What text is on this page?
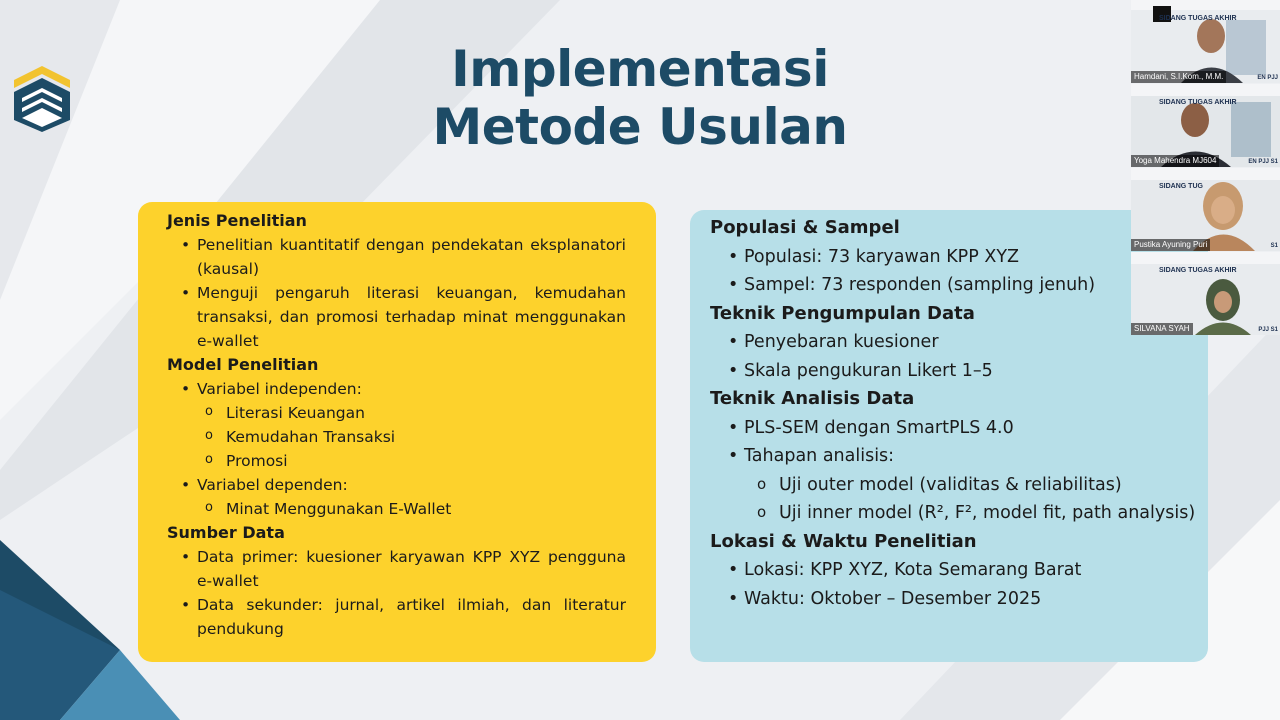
Implementasi
Metode Usulan
Jenis Penelitian
• Penelitian kuantitatif dengan pendekatan eksplanatori (kausal)
• Menguji pengaruh literasi keuangan, kemudahan transaksi, dan promosi terhadap minat menggunakan e-wallet
Model Penelitian
• Variabel independen:
o Literasi Keuangan
o Kemudahan Transaksi
o Promosi
• Variabel dependen:
o Minat Menggunakan E-Wallet
Sumber Data
• Data primer: kuesioner karyawan KPP XYZ pengguna e-wallet
• Data sekunder: jurnal, artikel ilmiah, dan literatur pendukung
Populasi & Sampel
• Populasi: 73 karyawan KPP XYZ
• Sampel: 73 responden (sampling jenuh)
Teknik Pengumpulan Data
• Penyebaran kuesioner
• Skala pengukuran Likert 1–5
Teknik Analisis Data
• PLS-SEM dengan SmartPLS 4.0
• Tahapan analisis:
o Uji outer model (validitas & reliabilitas)
o Uji inner model (R², F², model fit, path analysis)
Lokasi & Waktu Penelitian
• Lokasi: KPP XYZ, Kota Semarang Barat
• Waktu: Oktober – Desember 2025
SIDANG TUGAS AKHIR
EN PJJ
Hamdani, S.I.Kom., M.M.
SIDANG TUGAS AKHIR
EN PJJ S1
Yoga Mahendra MJ604
SIDANG TUG
S1
Pustika Ayuning Puri
SIDANG TUGAS AKHIR
PJJ S1
SILVANA SYAH
